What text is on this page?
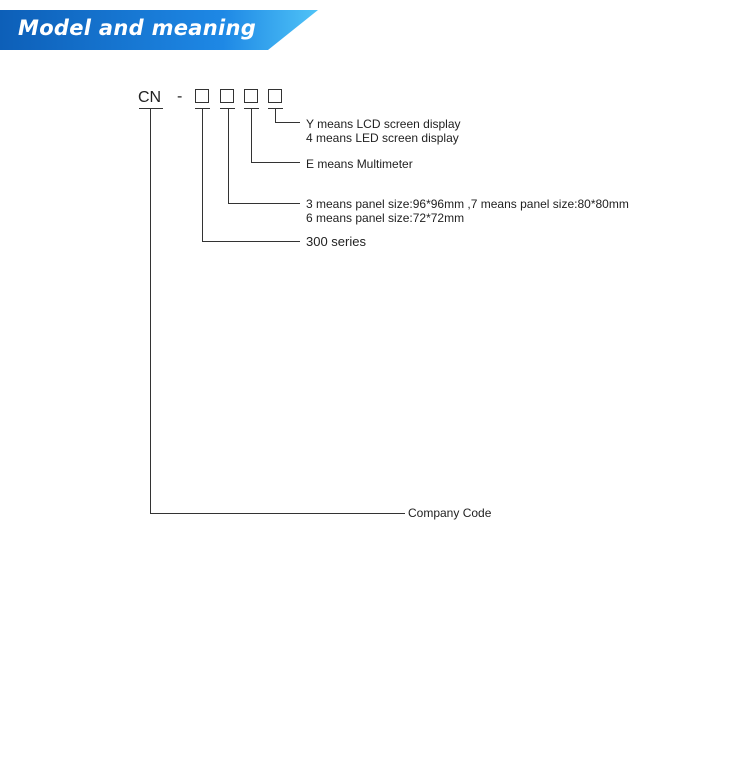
Model and meaning
CN -
Y means LCD screen display
4 means LED screen display
E means Multimeter
3 means panel size:96*96mm ,7 means panel size:80*80mm
6 means panel size:72*72mm
300 series
Company Code
